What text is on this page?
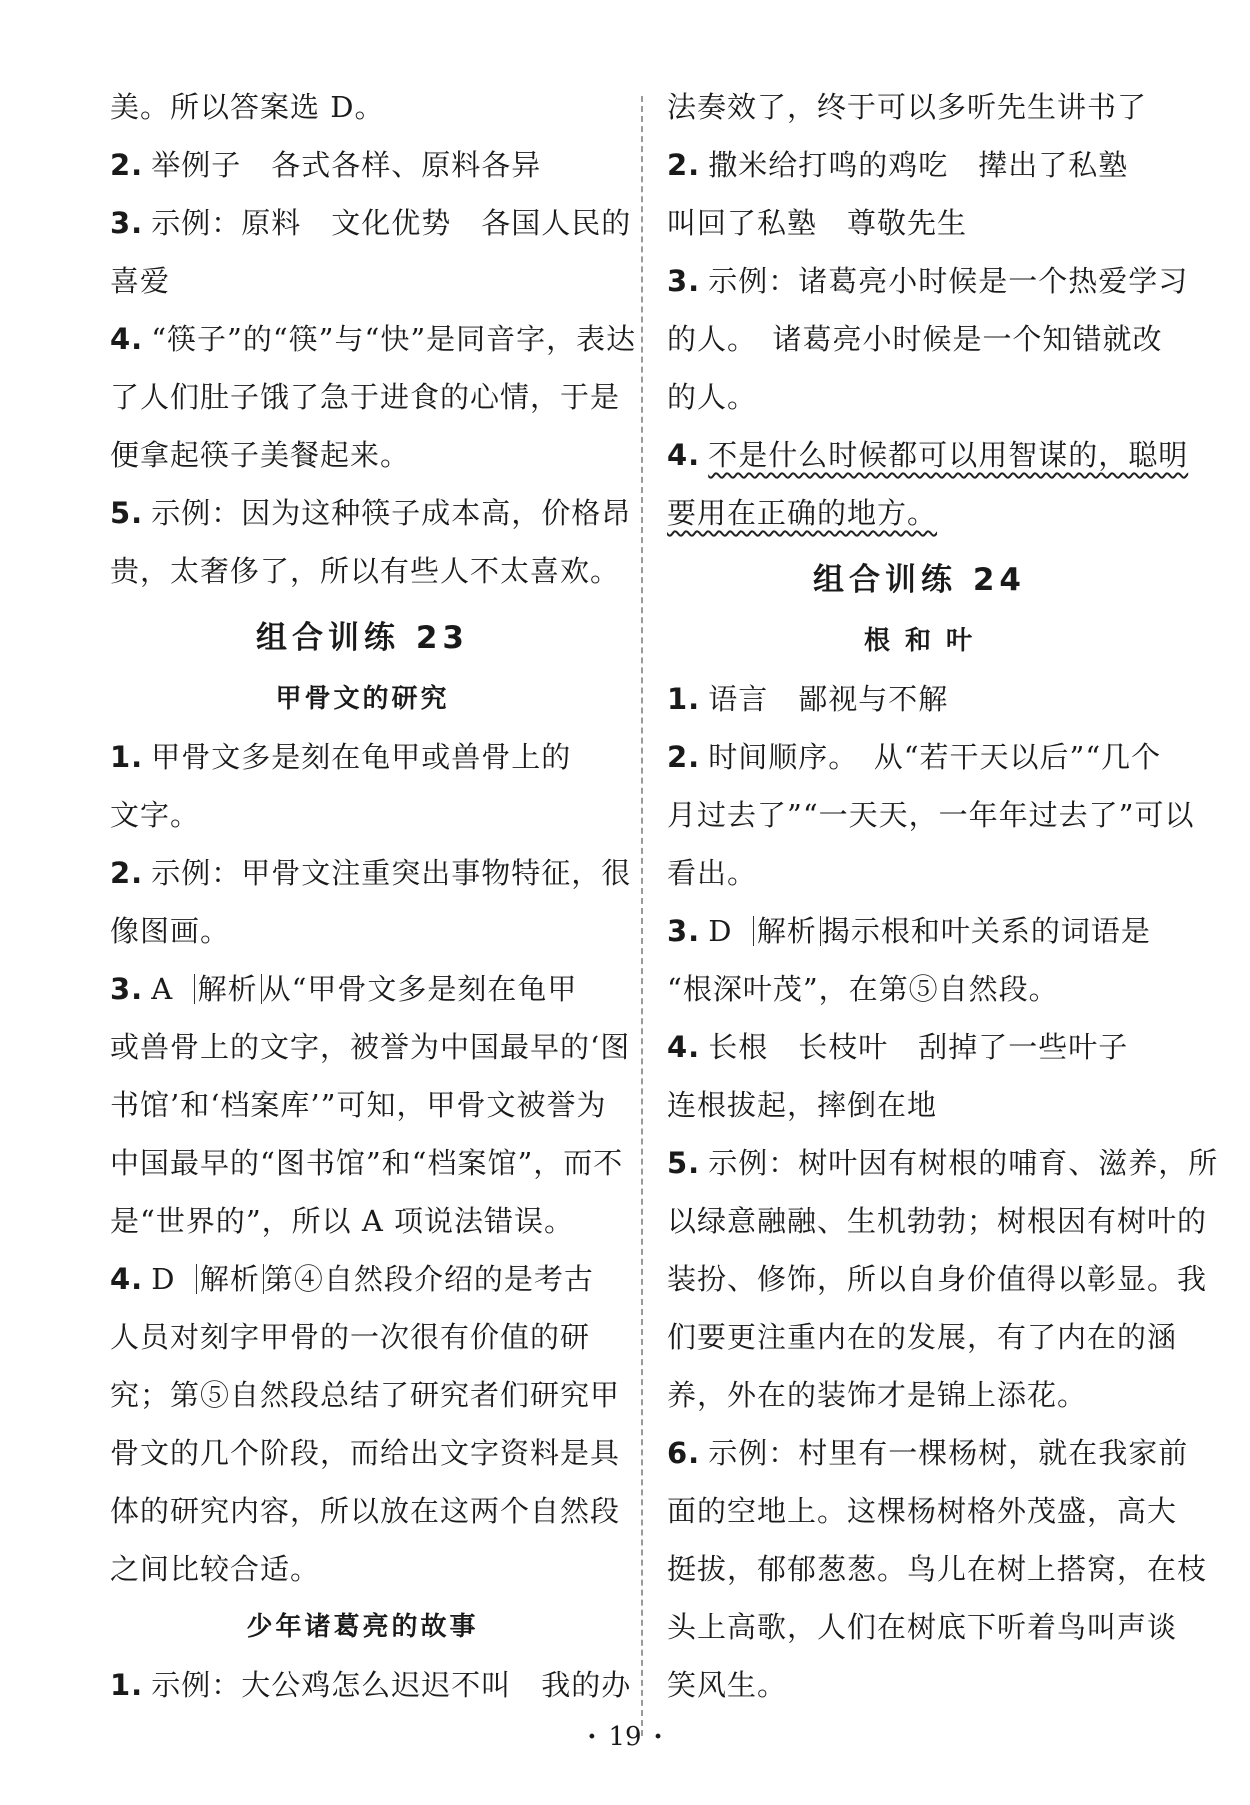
美。所以答案选 D。
2. 举例子　各式各样、原料各异
3. 示例：原料　文化优势　各国人民的
喜爱
4. “筷子”的“筷”与“快”是同音字，表达
了人们肚子饿了急于进食的心情，于是
便拿起筷子美餐起来。
5. 示例：因为这种筷子成本高，价格昂
贵，太奢侈了，所以有些人不太喜欢。
组合训练 23
甲骨文的研究
1. 甲骨文多是刻在龟甲或兽骨上的
文字。
2. 示例：甲骨文注重突出事物特征，很
像图画。
3. A 解析 从“甲骨文多是刻在龟甲
或兽骨上的文字，被誉为中国最早的‘图
书馆’和‘档案库’”可知，甲骨文被誉为
中国最早的“图书馆”和“档案馆”，而不
是“世界的”，所以 A 项说法错误。
4. D 解析 第④自然段介绍的是考古
人员对刻字甲骨的一次很有价值的研
究；第⑤自然段总结了研究者们研究甲
骨文的几个阶段，而给出文字资料是具
体的研究内容，所以放在这两个自然段
之间比较合适。
少年诸葛亮的故事
1. 示例：大公鸡怎么迟迟不叫　我的办
法奏效了，终于可以多听先生讲书了
2. 撒米给打鸣的鸡吃　撵出了私塾
叫回了私塾　尊敬先生
3. 示例：诸葛亮小时候是一个热爱学习
的人。　诸葛亮小时候是一个知错就改
的人。
4. 不是什么时候都可以用智谋的，聪明
要用在正确的地方。
组合训练 24
根 和 叶
1. 语言　鄙视与不解
2. 时间顺序。　从“若干天以后”“几个
月过去了”“一天天，一年年过去了”可以
看出。
3. D 解析 揭示根和叶关系的词语是
“根深叶茂”，在第⑤自然段。
4. 长根　长枝叶　刮掉了一些叶子
连根拔起，摔倒在地
5. 示例：树叶因有树根的哺育、滋养，所
以绿意融融、生机勃勃；树根因有树叶的
装扮、修饰，所以自身价值得以彰显。我
们要更注重内在的发展，有了内在的涵
养，外在的装饰才是锦上添花。
6. 示例：村里有一棵杨树，就在我家前
面的空地上。这棵杨树格外茂盛，高大
挺拔，郁郁葱葱。鸟儿在树上搭窝，在枝
头上高歌，人们在树底下听着鸟叫声谈
笑风生。
· 19 ·
